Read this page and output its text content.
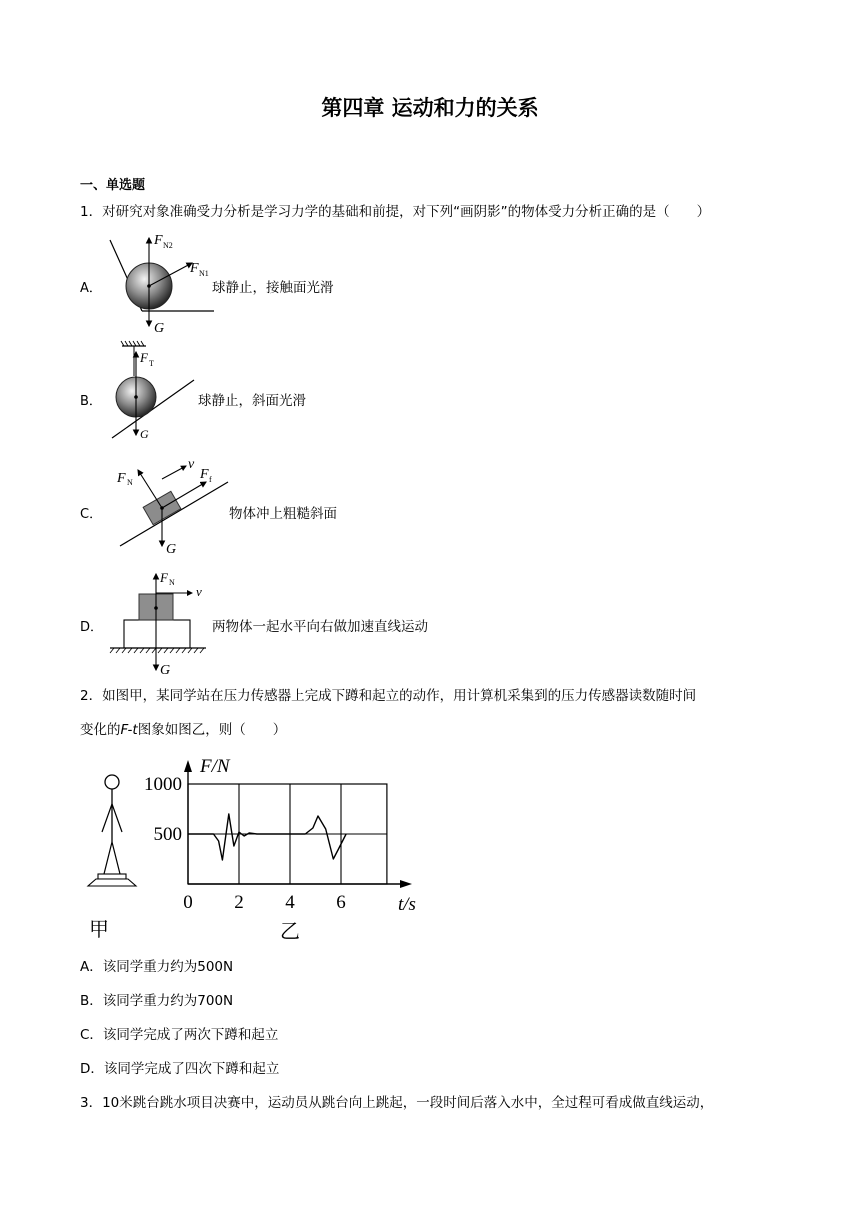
第四章 运动和力的关系
一、单选题
1．对研究对象准确受力分析是学习力学的基础和前提，对下列“画阴影”的物体受力分析正确的是（　　）
A．
F N2
F N1
G
球静止，接触面光滑
B．
F T
G
球静止，斜面光滑
C．
F N
v
F f
G
物体冲上粗糙斜面
D．
F N
v
G
两物体一起水平向右做加速直线运动
2．如图甲，某同学站在压力传感器上完成下蹲和起立的动作，用计算机采集到的压力传感器读数随时间
变化的F-t图象如图乙，则（　　）
甲
F/N
1000
500
0 2 4 6	t/s
乙
A．该同学重力约为500N
B．该同学重力约为700N
C．该同学完成了两次下蹲和起立
D．该同学完成了四次下蹲和起立
3．10米跳台跳水项目决赛中，运动员从跳台向上跳起，一段时间后落入水中，全过程可看成做直线运动，
